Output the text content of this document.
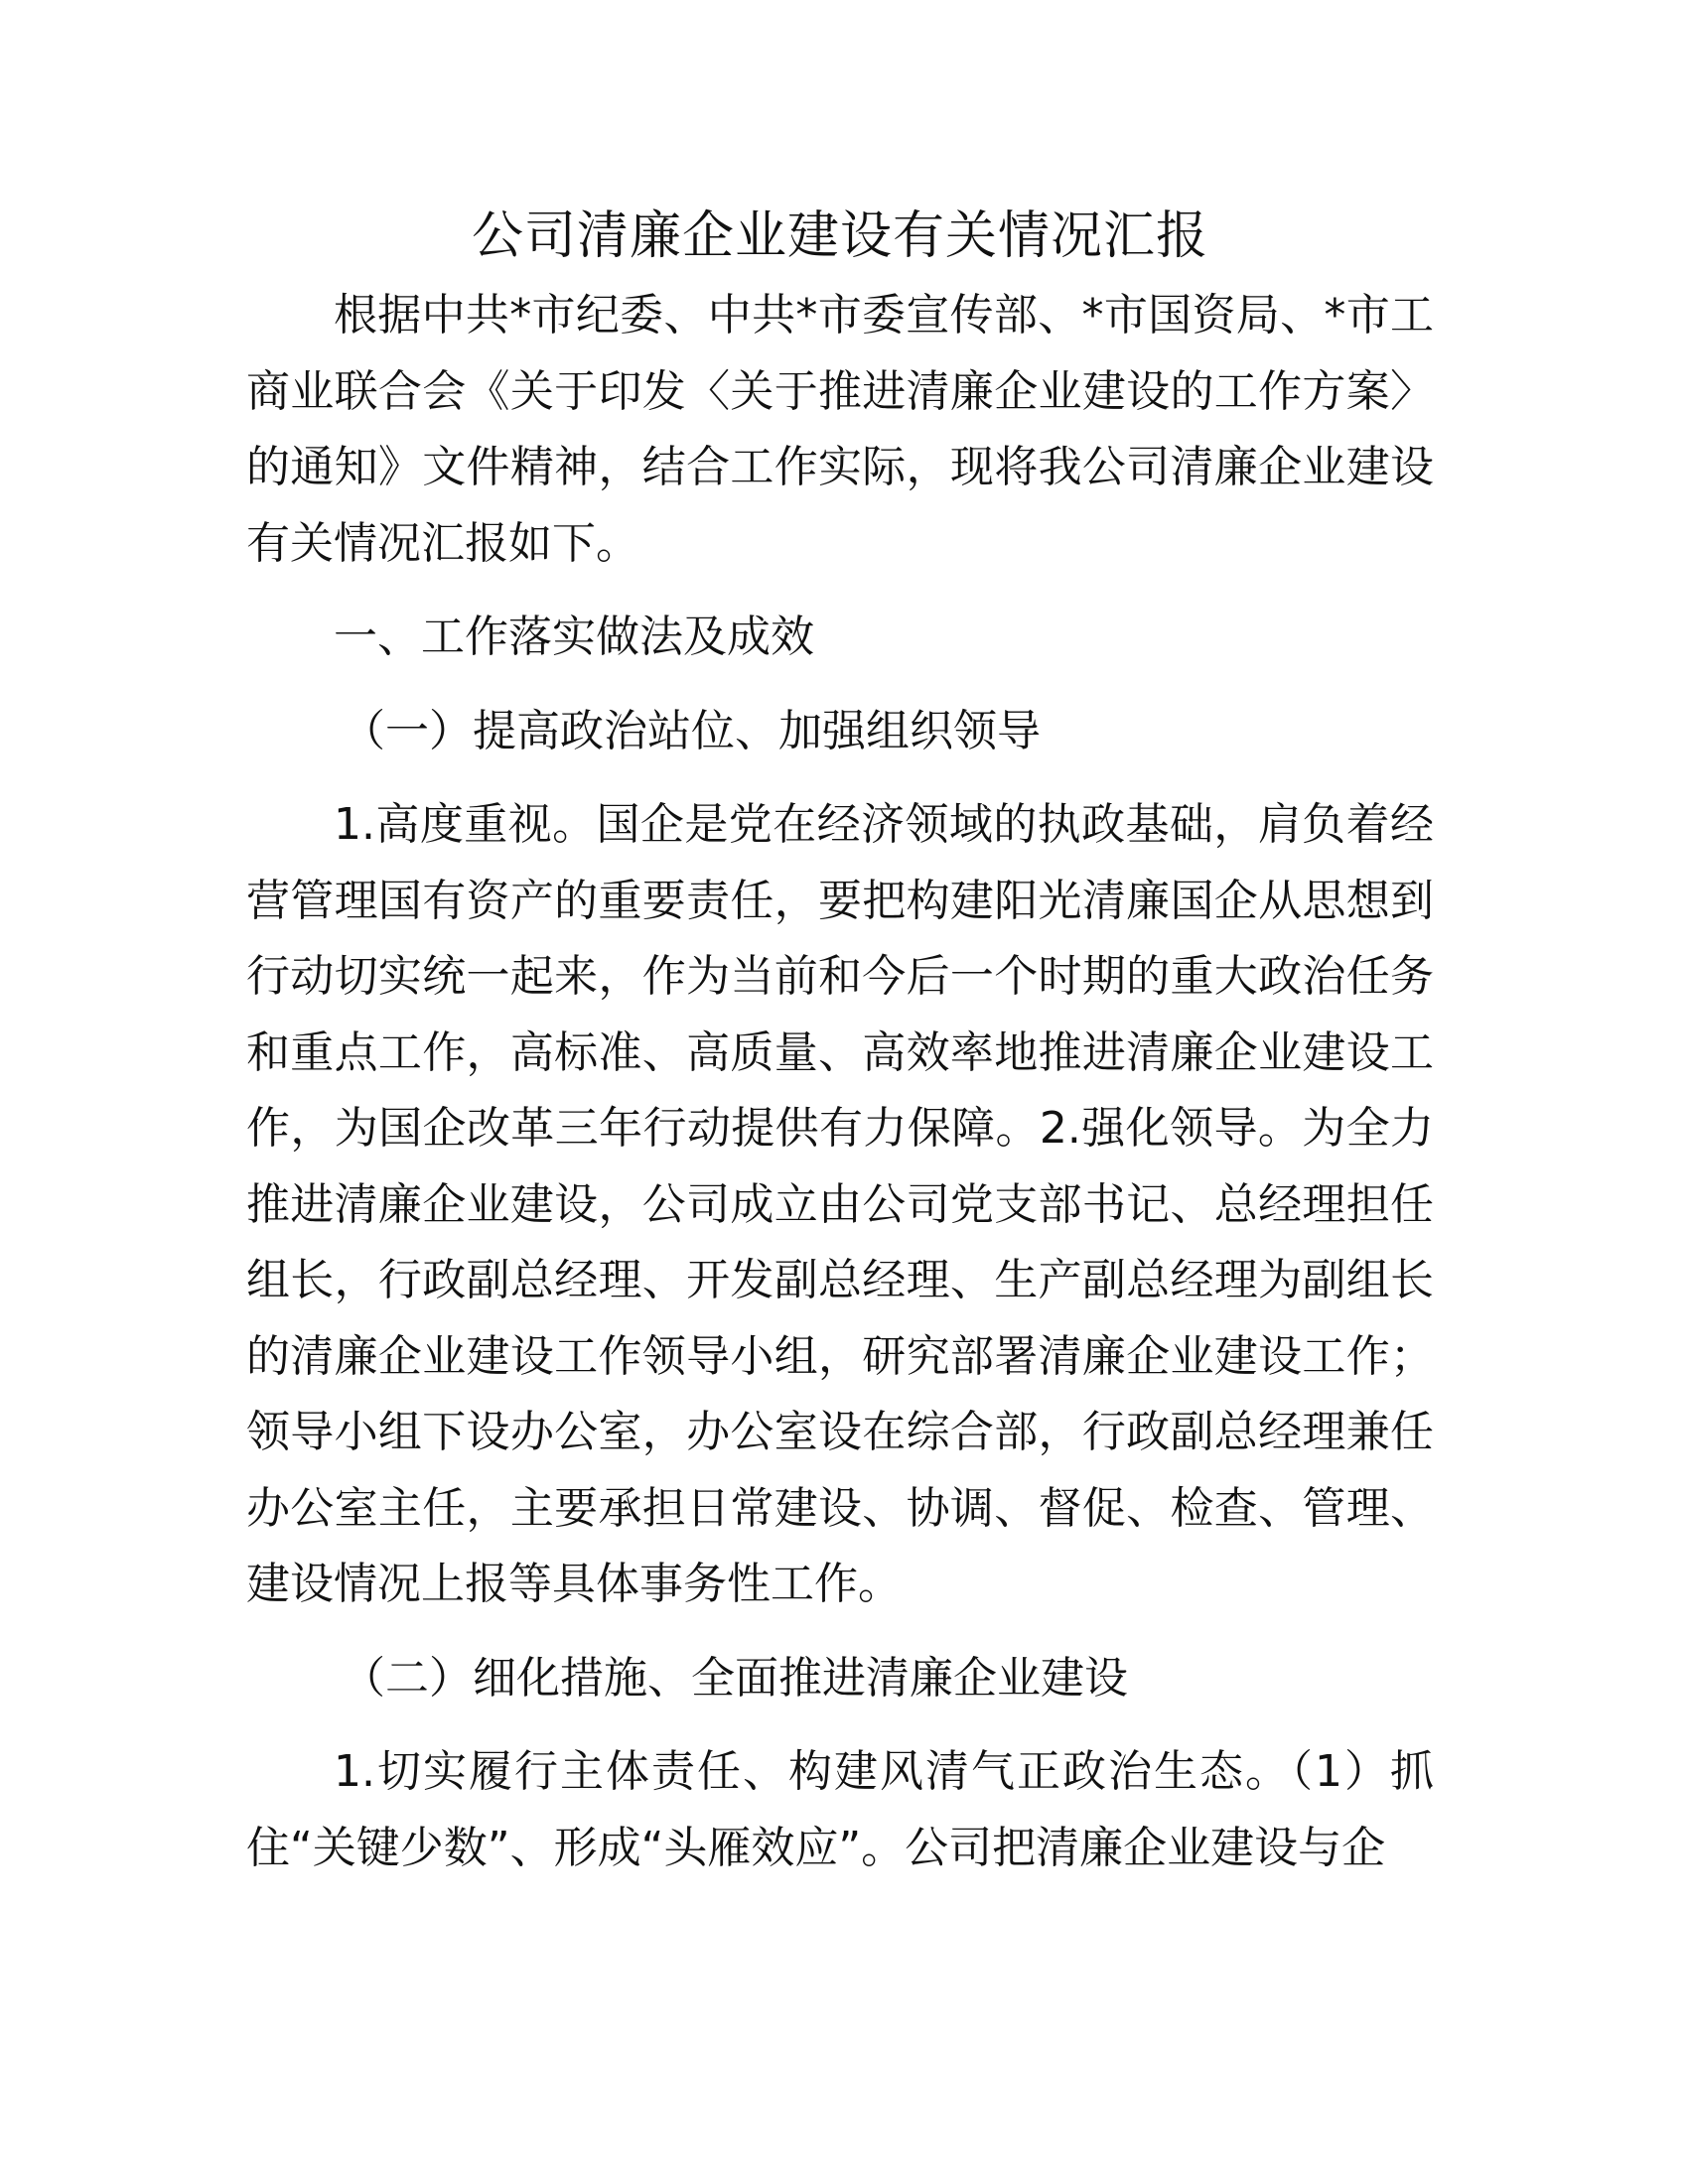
公司清廉企业建设有关情况汇报

根据中共*市纪委、中共*市委宣传部、*市国资局、*市工商业联合会《关于印发〈关于推进清廉企业建设的工作方案〉的通知》文件精神，结合工作实际，现将我公司清廉企业建设有关情况汇报如下。

一、工作落实做法及成效
（一）提高政治站位、加强组织领导

1.高度重视。国企是党在经济领域的执政基础，肩负着经营管理国有资产的重要责任，要把构建阳光清廉国企从思想到行动切实统一起来，作为当前和今后一个时期的重大政治任务和重点工作，高标准、高质量、高效率地推进清廉企业建设工作，为国企改革三年行动提供有力保障。2.强化领导。为全力推进清廉企业建设，公司成立由公司党支部书记、总经理担任组长，行政副总经理、开发副总经理、生产副总经理为副组长的清廉企业建设工作领导小组，研究部署清廉企业建设工作；领导小组下设办公室，办公室设在综合部，行政副总经理兼任办公室主任，主要承担日常建设、协调、督促、检查、管理、建设情况上报等具体事务性工作。

（二）细化措施、全面推进清廉企业建设

1.切实履行主体责任、构建风清气正政治生态。（1）抓住“关键少数”、形成“头雁效应”。公司把清廉企业建设与企
